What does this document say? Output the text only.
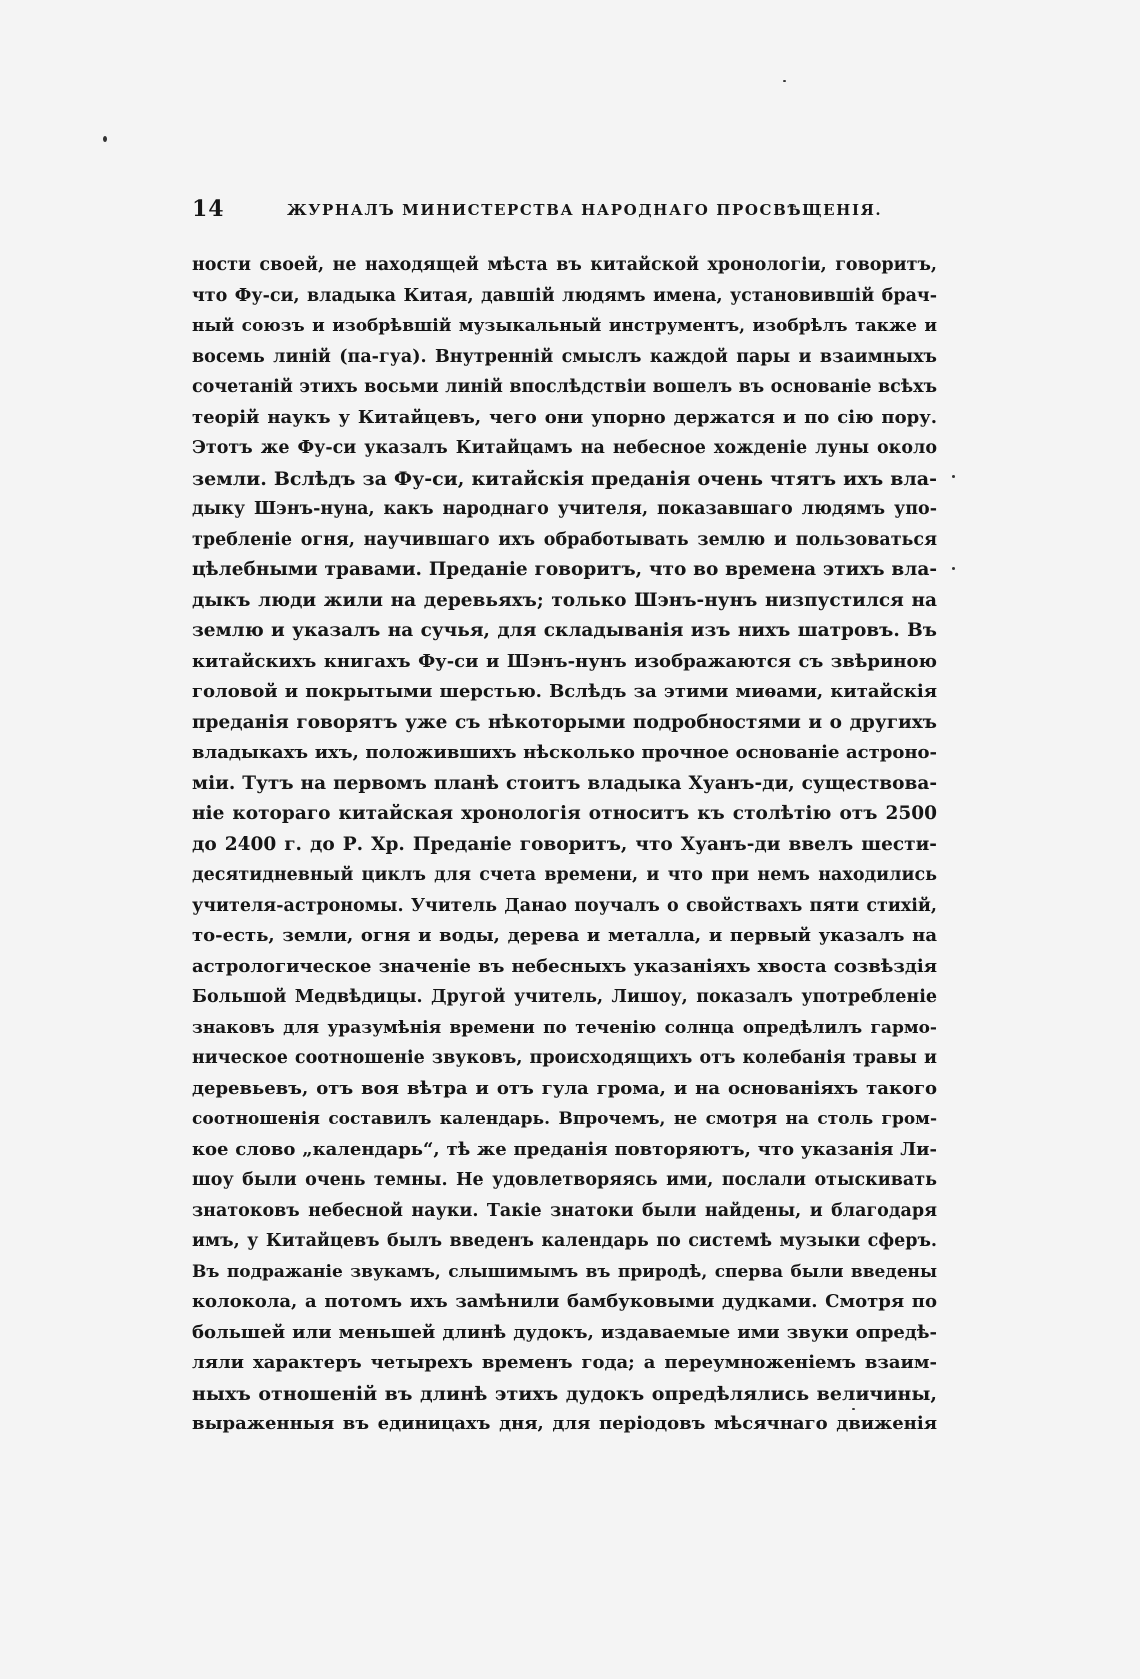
14	ЖУРНАЛЪ МИНИСТЕРСТВА НАРОДНАГО ПРОСВѢЩЕНІЯ.
ности своей, не находящей мѣста въ китайской хронологіи, говоритъ,
что Фу-си, владыка Китая, давшій людямъ имена, установившій брач-
ный союзъ и изобрѣвшій музыкальный инструментъ, изобрѣлъ также и
восемь линій (па-гуа). Внутренній смыслъ каждой пары и взаимныхъ
сочетаній этихъ восьми линій впослѣдствіи вошелъ въ основаніе всѣхъ
теорій наукъ у Китайцевъ, чего они упорно держатся и по сію пору.
Этотъ же Фу-си указалъ Китайцамъ на небесное хожденіе луны около
земли. Вслѣдъ за Фу-си, китайскія преданія очень чтятъ ихъ вла-
дыку Шэнъ-нуна, какъ народнаго учителя, показавшаго людямъ упо-
требленіе огня, научившаго ихъ обработывать землю и пользоваться
цѣлебными травами. Преданіе говоритъ, что во времена этихъ вла-
дыкъ люди жили на деревьяхъ; только Шэнъ-нунъ низпустился на
землю и указалъ на сучья, для складыванія изъ нихъ шатровъ. Въ
китайскихъ книгахъ Фу-си и Шэнъ-нунъ изображаются съ звѣриною
головой и покрытыми шерстью. Вслѣдъ за этими миѳами, китайскія
преданія говорятъ уже съ нѣкоторыми подробностями и о другихъ
владыкахъ ихъ, положившихъ нѣсколько прочное основаніе астроно-
міи. Тутъ на первомъ планѣ стоитъ владыка Хуанъ-ди, существова-
ніе котораго китайская хронологія относитъ къ столѣтію отъ 2500
до 2400 г. до Р. Хр. Преданіе говоритъ, что Хуанъ-ди ввелъ шести-
десятидневный циклъ для счета времени, и что при немъ находились
учителя-астрономы. Учитель Данао поучалъ о свойствахъ пяти стихій,
то-есть, земли, огня и воды, дерева и металла, и первый указалъ на
астрологическое значеніе въ небесныхъ указаніяхъ хвоста созвѣздія
Большой Медвѣдицы. Другой учитель, Лишоу, показалъ употребленіе
знаковъ для уразумѣнія времени по теченію солнца опредѣлилъ гармо-
ническое соотношеніе звуковъ, происходящихъ отъ колебанія травы и
деревьевъ, отъ воя вѣтра и отъ гула грома, и на основаніяхъ такого
соотношенія составилъ календарь. Впрочемъ, не смотря на столь гром-
кое слово „календарь“, тѣ же преданія повторяютъ, что указанія Ли-
шоу были очень темны. Не удовлетворяясь ими, послали отыскивать
знатоковъ небесной науки. Такіе знатоки были найдены, и благодаря
имъ, у Китайцевъ былъ введенъ календарь по системѣ музыки сферъ.
Въ подражаніе звукамъ, слышимымъ въ природѣ, сперва были введены
колокола, а потомъ ихъ замѣнили бамбуковыми дудками. Смотря по
большей или меньшей длинѣ дудокъ, издаваемые ими звуки опредѣ-
ляли характеръ четырехъ временъ года; а переумноженіемъ взаим-
ныхъ отношеній въ длинѣ этихъ дудокъ опредѣлялись величины,
выраженныя въ единицахъ дня, для періодовъ мѣсячнаго движенія
